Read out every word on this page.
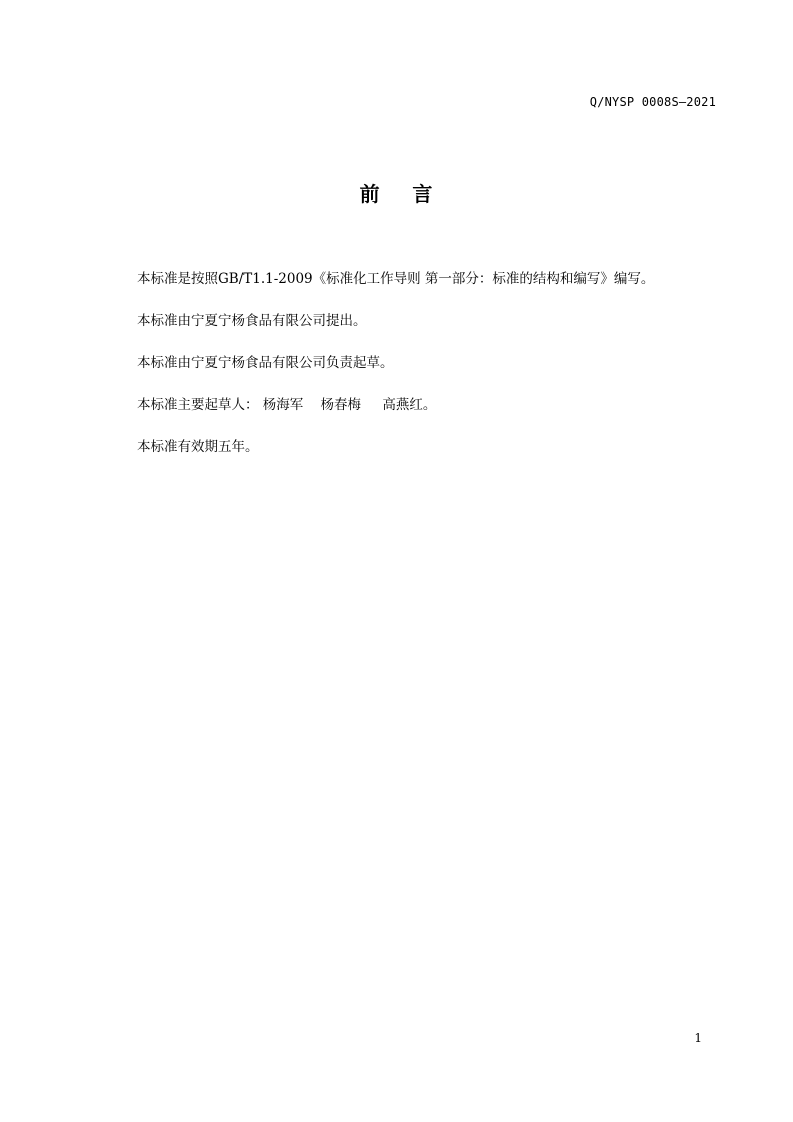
Q/NYSP 0008S—2021
前    言

本标准是按照GB/T1.1-2009《标准化工作导则 第一部分：标准的结构和编写》编写。

本标准由宁夏宁杨食品有限公司提出。

本标准由宁夏宁杨食品有限公司负责起草。

本标准主要起草人： 杨海军    杨春梅     高燕红。

本标准有效期五年。

1
